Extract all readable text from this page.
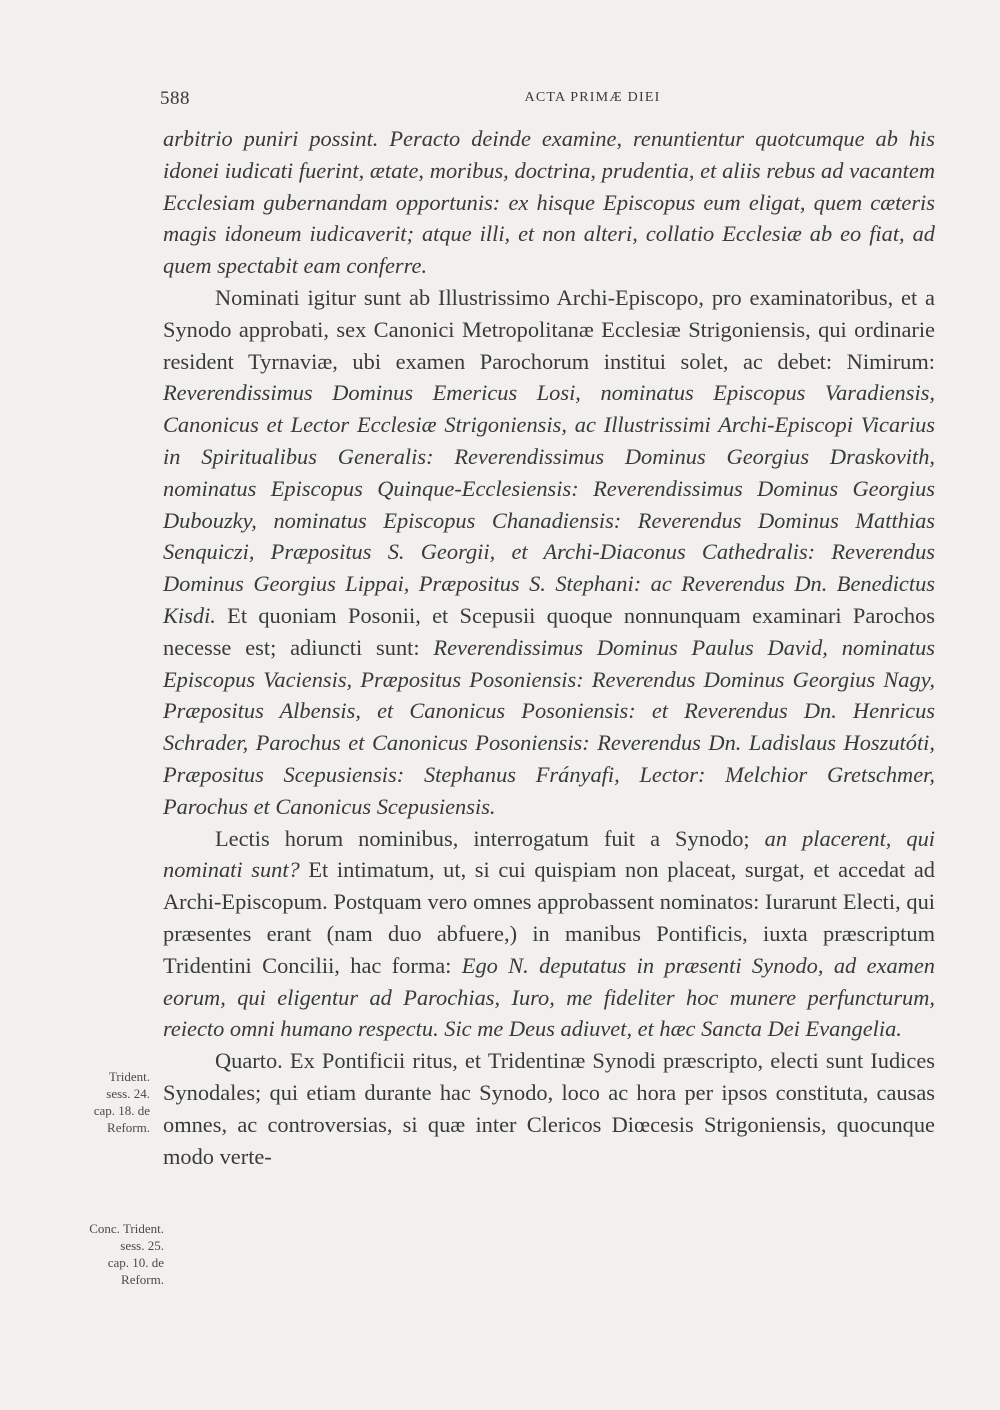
588	ACTA PRIMÆ DIEI

arbitrio puniri possint. Peracto deinde examine, renuntientur quotcumque ab his idonei iudicati fuerint, ætate, moribus, doctrina, prudentia, et aliis rebus ad vacantem Ecclesiam gubernandam opportunis: ex hisque Episcopus eum eligat, quem cæteris magis idoneum iudicaverit; atque illi, et non alteri, collatio Ecclesiæ ab eo fiat, ad quem spectabit eam conferre.

Nominati igitur sunt ab Illustrissimo Archi-Episcopo, pro examinatoribus, et a Synodo approbati, sex Canonici Metropolitanæ Ecclesiæ Strigoniensis, qui ordinarie resident Tyrnaviæ, ubi examen Parochorum institui solet, ac debet: Nimirum: Reverendissimus Dominus Emericus Losi, nominatus Episcopus Varadiensis, Canonicus et Lector Ecclesiæ Strigoniensis, ac Illustrissimi Archi-Episcopi Vicarius in Spiritualibus Generalis: Reverendissimus Dominus Georgius Draskovith, nominatus Episcopus Quinque-Ecclesiensis: Reverendissimus Dominus Georgius Dubouzky, nominatus Episcopus Chanadiensis: Reverendus Dominus Matthias Senquiczi, Præpositus S. Georgii, et Archi-Diaconus Cathedralis: Reverendus Dominus Georgius Lippai, Præpositus S. Stephani: ac Reverendus Dn. Benedictus Kisdi. Et quoniam Posonii, et Scepusii quoque nonnunquam examinari Parochos necesse est; adiuncti sunt: Reverendissimus Dominus Paulus David, nominatus Episcopus Vaciensis, Præpositus Posoniensis: Reverendus Dominus Georgius Nagy, Præpositus Albensis, et Canonicus Posoniensis: et Reverendus Dn. Henricus Schrader, Parochus et Canonicus Posoniensis: Reverendus Dn. Ladislaus Hoszutóti, Præpositus Scepusiensis: Stephanus Frányafi, Lector: Melchior Gretschmer, Parochus et Canonicus Scepusiensis.

Lectis horum nominibus, interrogatum fuit a Synodo; an placerent, qui nominati sunt? Et intimatum, ut, si cui quispiam non placeat, surgat, et accedat ad Archi-Episcopum. Postquam vero omnes approbassent nominatos: Iurarunt Electi, qui præsentes erant (nam duo abfuere,) in manibus Pontificis, iuxta præscriptum Tridentini Concilii, hac forma: Ego N. deputatus in præsenti Synodo, ad examen eorum, qui eligentur ad Parochias, Iuro, me fideliter hoc munere perfuncturum, reiecto omni humano respectu. Sic me Deus adiuvet, et hæc Sancta Dei Evangelia.

Quarto. Ex Pontificii ritus, et Tridentinæ Synodi præscripto, electi sunt Iudices Synodales; qui etiam durante hac Synodo, loco ac hora per ipsos constituta, causas omnes, ac controversias, si quæ inter Clericos Diœcesis Strigoniensis, quocunque modo verte-

Trident.
sess. 24.
cap. 18. de
Reform.
Conc. Trident.
sess. 25.
cap. 10. de
Reform.
